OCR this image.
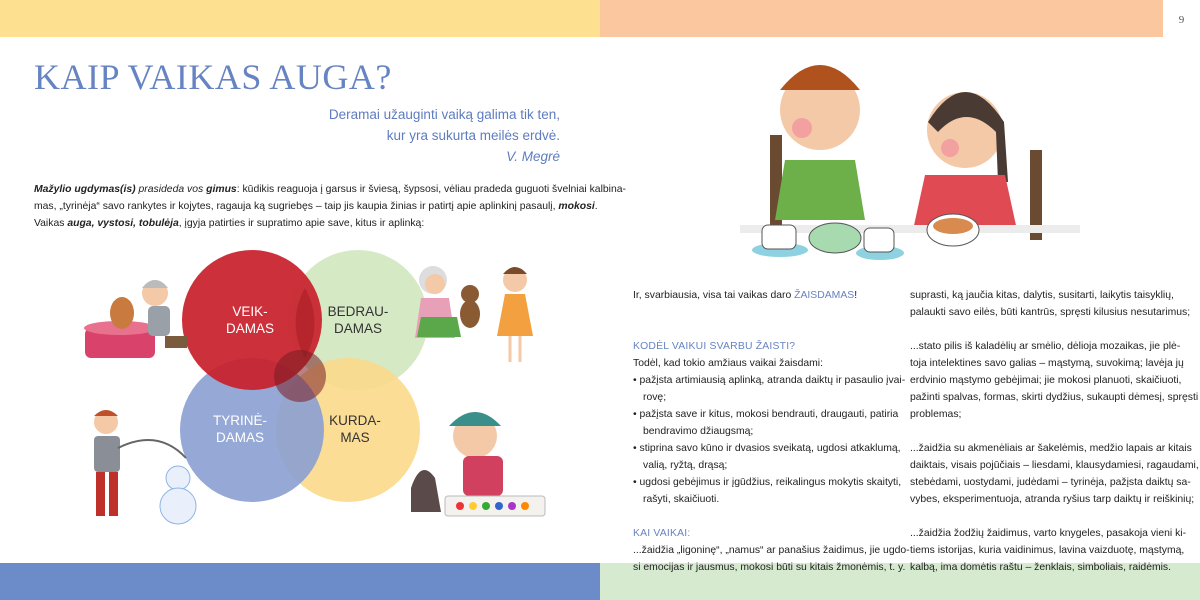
9
KAIP VAIKAS AUGA?
Deramai užauginti vaiką galima tik ten,
kur yra sukurta meilės erdvė.
V. Megrė
Mažylio ugdymas(is) prasideda vos gimus: kūdikis reaguoja į garsus ir šviesą, šypsosi, vėliau pradeda guguoti švelniai kalbina-
mas, „tyrinėja“ savo rankytes ir kojytes, ragauja ką sugriebęs – taip jis kaupia žinias ir patirtį apie aplinkinį pasaulį, mokosi.
Vaikas auga, vystosi, tobulėja, įgyja patirties ir supratimo apie save, kitus ir aplinką:
VEIK-
DAMAS
BEDRAU-
DAMAS
TYRINĖ-
DAMAS
KURDA-
MAS
Ir, svarbiausia, visa tai vaikas daro ŽAISDAMAS!
KODĖL VAIKUI SVARBU ŽAISTI?
Todėl, kad tokio amžiaus vaikai žaisdami:
• pažįsta artimiausią aplinką, atranda daiktų ir pasaulio įvai-
rovę;
• pažįsta save ir kitus, mokosi bendrauti, draugauti, patiria
bendravimo džiaugsmą;
• stiprina savo kūno ir dvasios sveikatą, ugdosi atkaklumą,
valią, ryžtą, drąsą;
• ugdosi gebėjimus ir įgūdžius, reikalingus mokytis skaityti,
rašyti, skaičiuoti.
KAI VAIKAI:
...žaidžia „ligoninę“, „namus“ ar panašius žaidimus, jie ugdo-
si emocijas ir jausmus, mokosi būti su kitais žmonėmis, t. y.
suprasti, ką jaučia kitas, dalytis, susitarti, laikytis taisyklių,
palaukti savo eilės, būti kantrūs, spręsti kilusius nesutarimus;
...stato pilis iš kaladėlių ar smėlio, dėlioja mozaikas, jie plė-
toja intelektines savo galias – mąstymą, suvokimą; lavėja jų
erdvinio mąstymo gebėjimai; jie mokosi planuoti, skaičiuoti,
pažinti spalvas, formas, skirti dydžius, sukaupti dėmesį, spręsti
problemas;
...žaidžia su akmenėliais ar šakelėmis, medžio lapais ar kitais
daiktais, visais pojūčiais – liesdami, klausydamiesi, ragaudami,
stebėdami, uostydami, judėdami – tyrinėja, pažįsta daiktų sa-
vybes, eksperimentuoja, atranda ryšius tarp daiktų ir reiškinių;
...žaidžia žodžių žaidimus, varto knygeles, pasakoja vieni ki-
tiems istorijas, kuria vaidinimus, lavina vaizduotę, mąstymą,
kalbą, ima domėtis raštu – ženklais, simboliais, raidėmis.
